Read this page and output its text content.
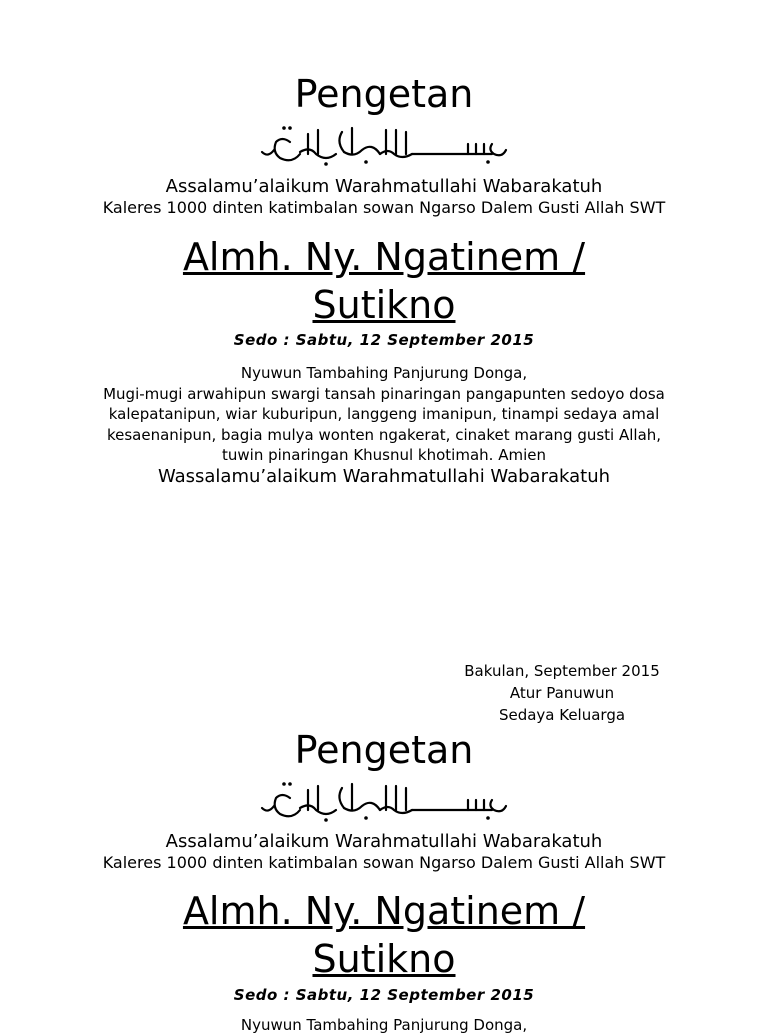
Pengetan
Assalamu’alaikum Warahmatullahi Wabarakatuh
Kaleres 1000 dinten katimbalan sowan Ngarso Dalem Gusti Allah SWT
Almh. Ny. Ngatinem /
Sutikno
Sedo : Sabtu, 12 September 2015
Nyuwun Tambahing Panjurung Donga,
Mugi-mugi arwahipun swargi tansah pinaringan pangapunten sedoyo dosa
kalepatanipun, wiar kuburipun, langgeng imanipun, tinampi sedaya amal
kesaenanipun, bagia mulya wonten ngakerat, cinaket marang gusti Allah,
tuwin pinaringan Khusnul khotimah. Amien
Wassalamu’alaikum Warahmatullahi Wabarakatuh
Bakulan, September 2015
Atur Panuwun
Sedaya Keluarga
Pengetan
Assalamu’alaikum Warahmatullahi Wabarakatuh
Kaleres 1000 dinten katimbalan sowan Ngarso Dalem Gusti Allah SWT
Almh. Ny. Ngatinem /
Sutikno
Sedo : Sabtu, 12 September 2015
Nyuwun Tambahing Panjurung Donga,
